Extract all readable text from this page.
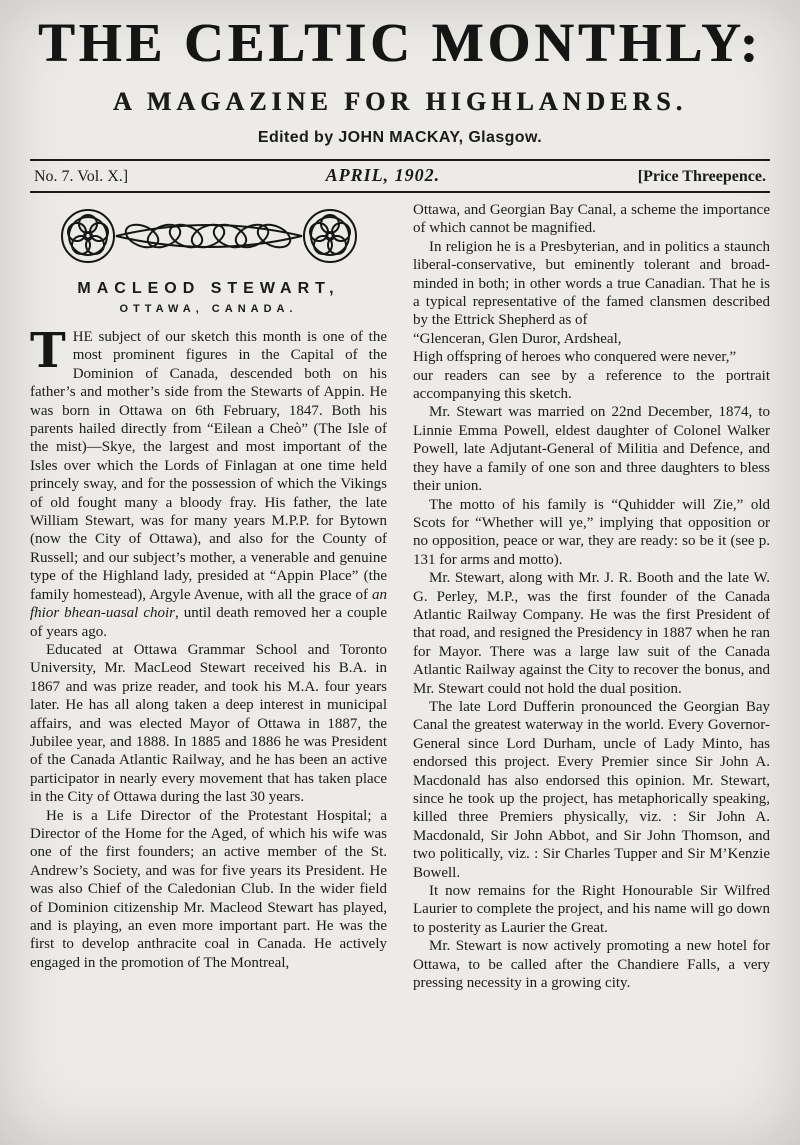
THE CELTIC MONTHLY:
A MAGAZINE FOR HIGHLANDERS.
Edited by JOHN MACKAY, Glasgow.
No. 7. Vol. X.]	APRIL, 1902.	[Price Threepence.
MACLEOD STEWART,
OTTAWA, CANADA.

THE subject of our sketch this month is one of the most prominent figures in the Capital of the Dominion of Canada, descended both on his father’s and mother’s side from the Stewarts of Appin. He was born in Ottawa on 6th February, 1847. Both his parents hailed directly from “Eilean a Cheò” (The Isle of the mist)—Skye, the largest and most important of the Isles over which the Lords of Finlagan at one time held princely sway, and for the possession of which the Vikings of old fought many a bloody fray. His father, the late William Stewart, was for many years M.P.P. for Bytown (now the City of Ottawa), and also for the County of Russell; and our subject’s mother, a venerable and genuine type of the Highland lady, presided at “Appin Place” (the family homestead), Argyle Avenue, with all the grace of an fhior bhean-uasal choir, until death removed her a couple of years ago.

Educated at Ottawa Grammar School and Toronto University, Mr. MacLeod Stewart received his B.A. in 1867 and was prize reader, and took his M.A. four years later. He has all along taken a deep interest in municipal affairs, and was elected Mayor of Ottawa in 1887, the Jubilee year, and 1888. In 1885 and 1886 he was President of the Canada Atlantic Railway, and he has been an active participator in nearly every movement that has taken place in the City of Ottawa during the last 30 years.

He is a Life Director of the Protestant Hospital; a Director of the Home for the Aged, of which his wife was one of the first founders; an active member of the St. Andrew’s Society, and was for five years its President. He was also Chief of the Caledonian Club. In the wider field of Dominion citizenship Mr. Macleod Stewart has played, and is playing, an even more important part. He was the first to develop anthracite coal in Canada. He actively engaged in the promotion of The Montreal,

Ottawa, and Georgian Bay Canal, a scheme the importance of which cannot be magnified.

In religion he is a Presbyterian, and in politics a staunch liberal-conservative, but eminently tolerant and broad-minded in both; in other words a true Canadian. That he is a typical representative of the famed clansmen described by the Ettrick Shepherd as of
“Glenceran, Glen Duror, Ardsheal,
High offspring of heroes who conquered were never,”
our readers can see by a reference to the portrait accompanying this sketch.

Mr. Stewart was married on 22nd December, 1874, to Linnie Emma Powell, eldest daughter of Colonel Walker Powell, late Adjutant-General of Militia and Defence, and they have a family of one son and three daughters to bless their union.

The motto of his family is “Quhidder will Zie,” old Scots for “Whether will ye,” implying that opposition or no opposition, peace or war, they are ready: so be it (see p. 131 for arms and motto).

Mr. Stewart, along with Mr. J. R. Booth and the late W. G. Perley, M.P., was the first founder of the Canada Atlantic Railway Company. He was the first President of that road, and resigned the Presidency in 1887 when he ran for Mayor. There was a large law suit of the Canada Atlantic Railway against the City to recover the bonus, and Mr. Stewart could not hold the dual position.

The late Lord Dufferin pronounced the Georgian Bay Canal the greatest waterway in the world. Every Governor-General since Lord Durham, uncle of Lady Minto, has endorsed this project. Every Premier since Sir John A. Macdonald has also endorsed this opinion. Mr. Stewart, since he took up the project, has metaphorically speaking, killed three Premiers physically, viz. : Sir John A. Macdonald, Sir John Abbot, and Sir John Thomson, and two politically, viz. : Sir Charles Tupper and Sir M’Kenzie Bowell.

It now remains for the Right Honourable Sir Wilfred Laurier to complete the project, and his name will go down to posterity as Laurier the Great.

Mr. Stewart is now actively promoting a new hotel for Ottawa, to be called after the Chandiere Falls, a very pressing necessity in a growing city.
